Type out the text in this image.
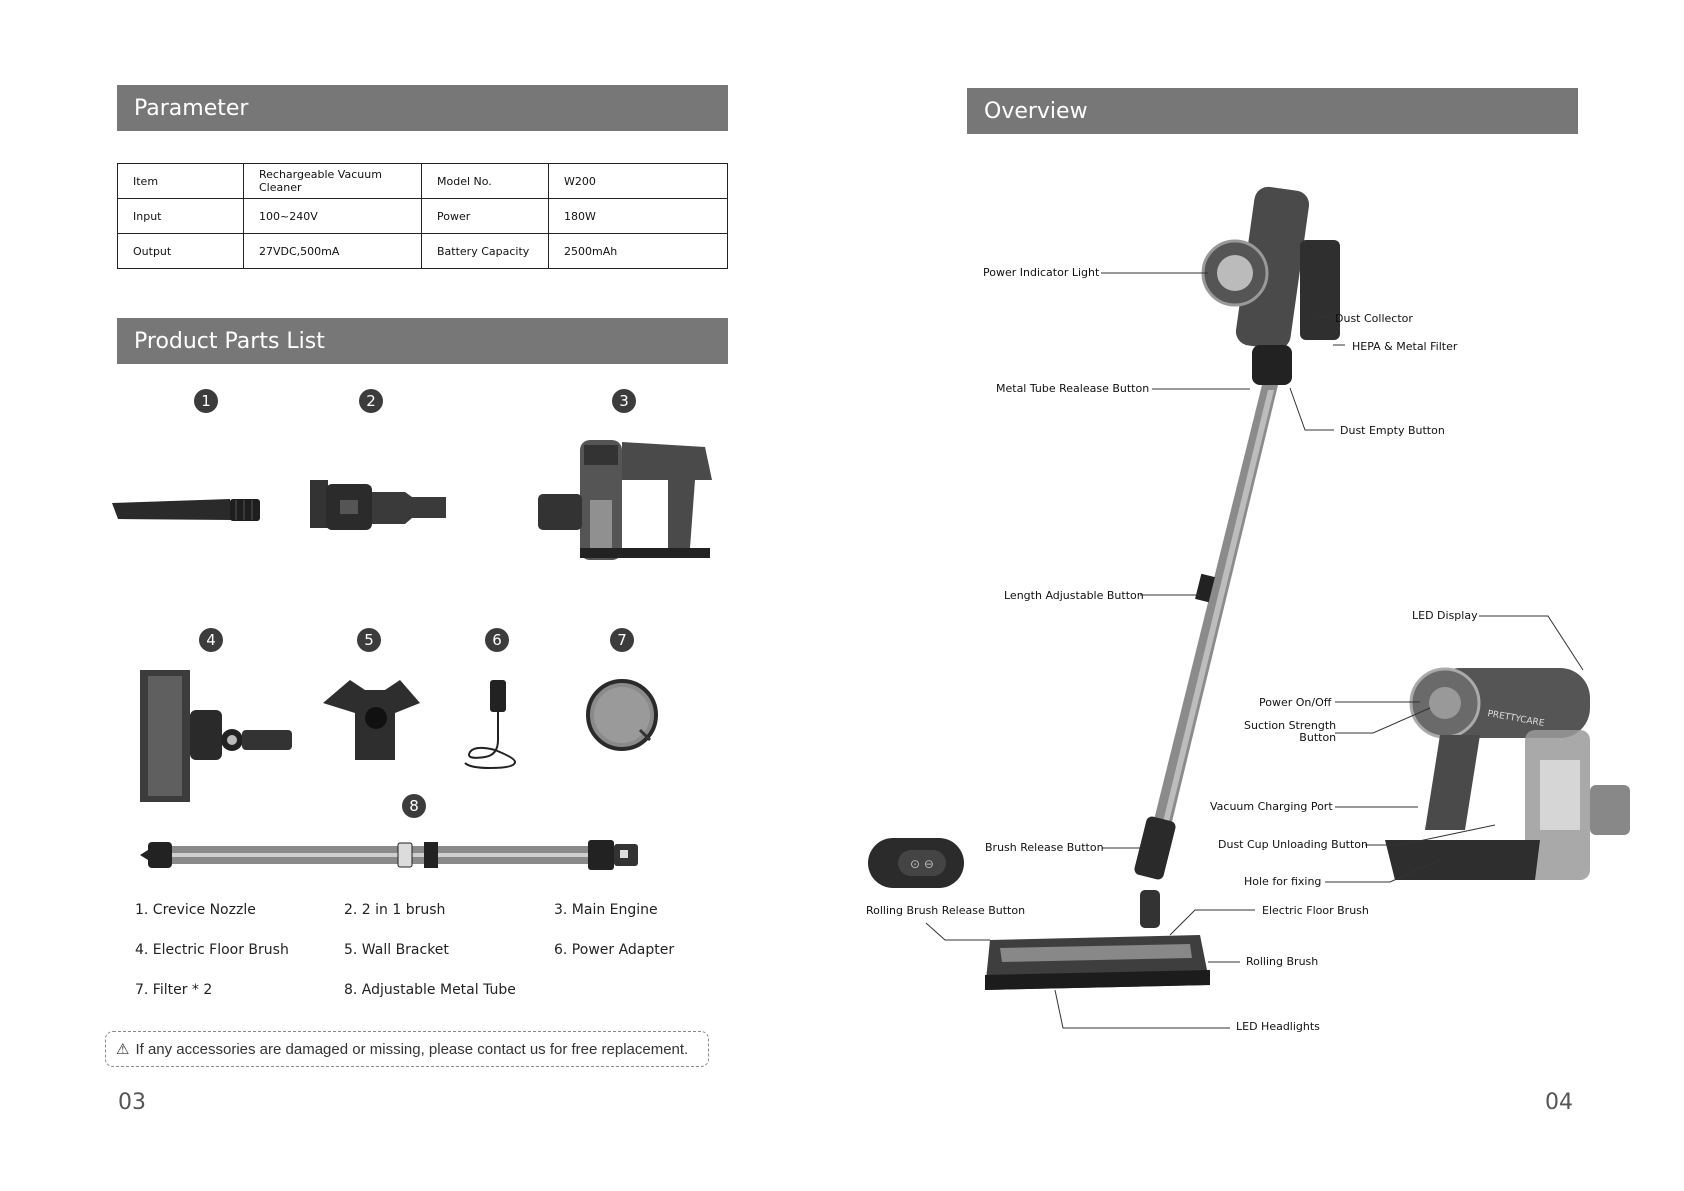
Parameter
Item	Rechargeable Vacuum Cleaner	Model No.	W200
Input	100~240V	Power	180W
Output	27VDC,500mA	Battery Capacity	2500mAh
Product Parts List
1	2	3
4	5	6	7
8
1. Crevice Nozzle	2. 2 in 1 brush	3. Main Engine
4. Electric Floor Brush	5. Wall Bracket	6. Power Adapter
7. Filter * 2	8. Adjustable Metal Tube
⚠ If any accessories are damaged or missing, please contact us for free replacement.
03
Overview
⊙ ⊖
Power Indicator Light
Dust Collector
HEPA & Metal Filter
Metal Tube Realease Button
Dust Empty Button
Length Adjustable Button
LED Display
Power On/Off
Suction Strength
Button
Vacuum Charging Port
Brush Release Button	Dust Cup Unloading Button
Hole for fixing
Rolling Brush Release Button	Electric Floor Brush
Rolling Brush
LED Headlights
PRETTYCARE
04
